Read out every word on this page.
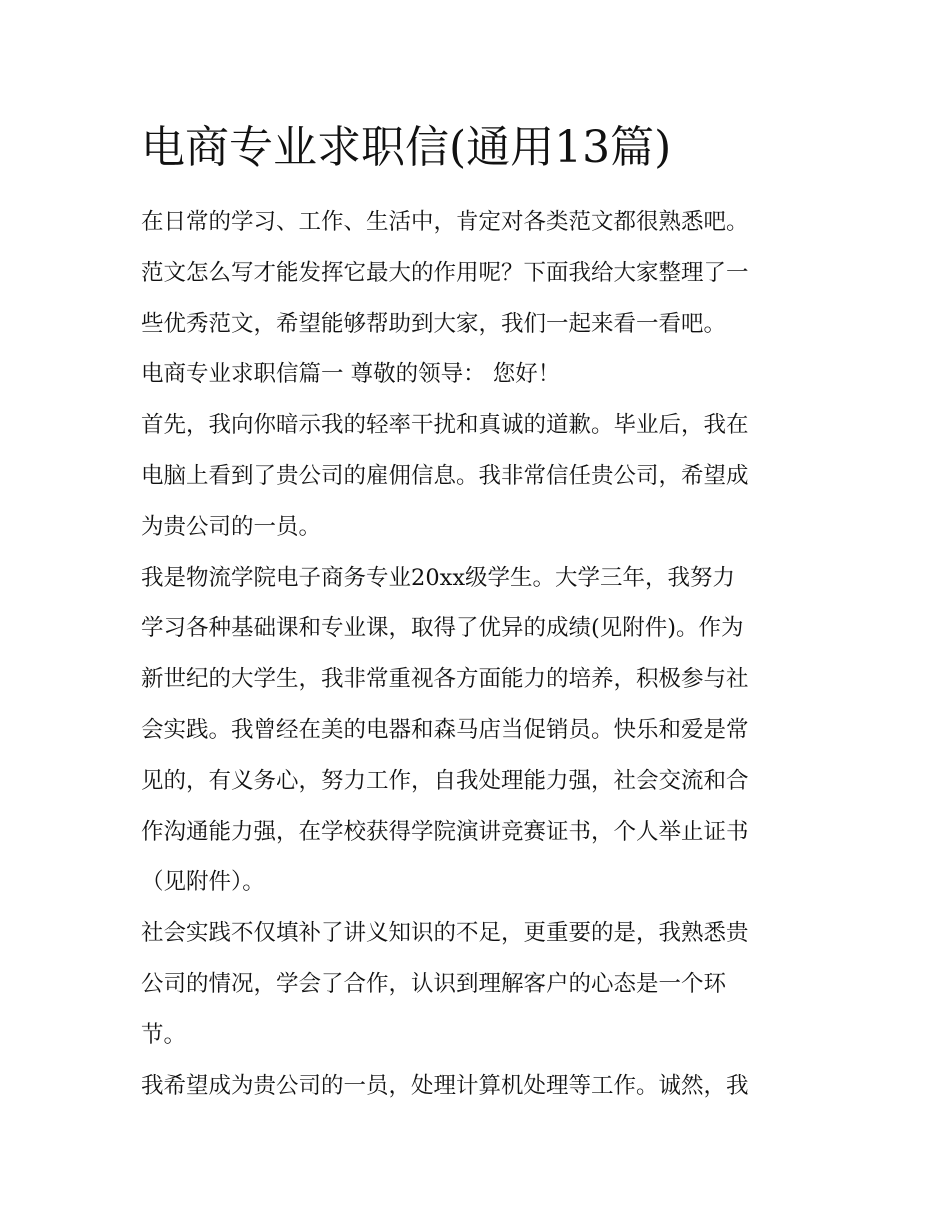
电商专业求职信(通用13篇)

在日常的学习、工作、生活中，肯定对各类范文都很熟悉吧。

范文怎么写才能发挥它最大的作用呢？下面我给大家整理了一

些优秀范文，希望能够帮助到大家，我们一起来看一看吧。

电商专业求职信篇一 尊敬的领导： 您好！

首先，我向你暗示我的轻率干扰和真诚的道歉。毕业后，我在

电脑上看到了贵公司的雇佣信息。我非常信任贵公司，希望成

为贵公司的一员。

我是物流学院电子商务专业20xx级学生。大学三年，我努力

学习各种基础课和专业课，取得了优异的成绩(见附件)。作为

新世纪的大学生，我非常重视各方面能力的培养，积极参与社

会实践。我曾经在美的电器和森马店当促销员。快乐和爱是常

见的，有义务心，努力工作，自我处理能力强，社会交流和合

作沟通能力强，在学校获得学院演讲竞赛证书，个人举止证书

（见附件）。

社会实践不仅填补了讲义知识的不足，更重要的是，我熟悉贵

公司的情况，学会了合作，认识到理解客户的心态是一个环

节。

我希望成为贵公司的一员，处理计算机处理等工作。诚然，我
